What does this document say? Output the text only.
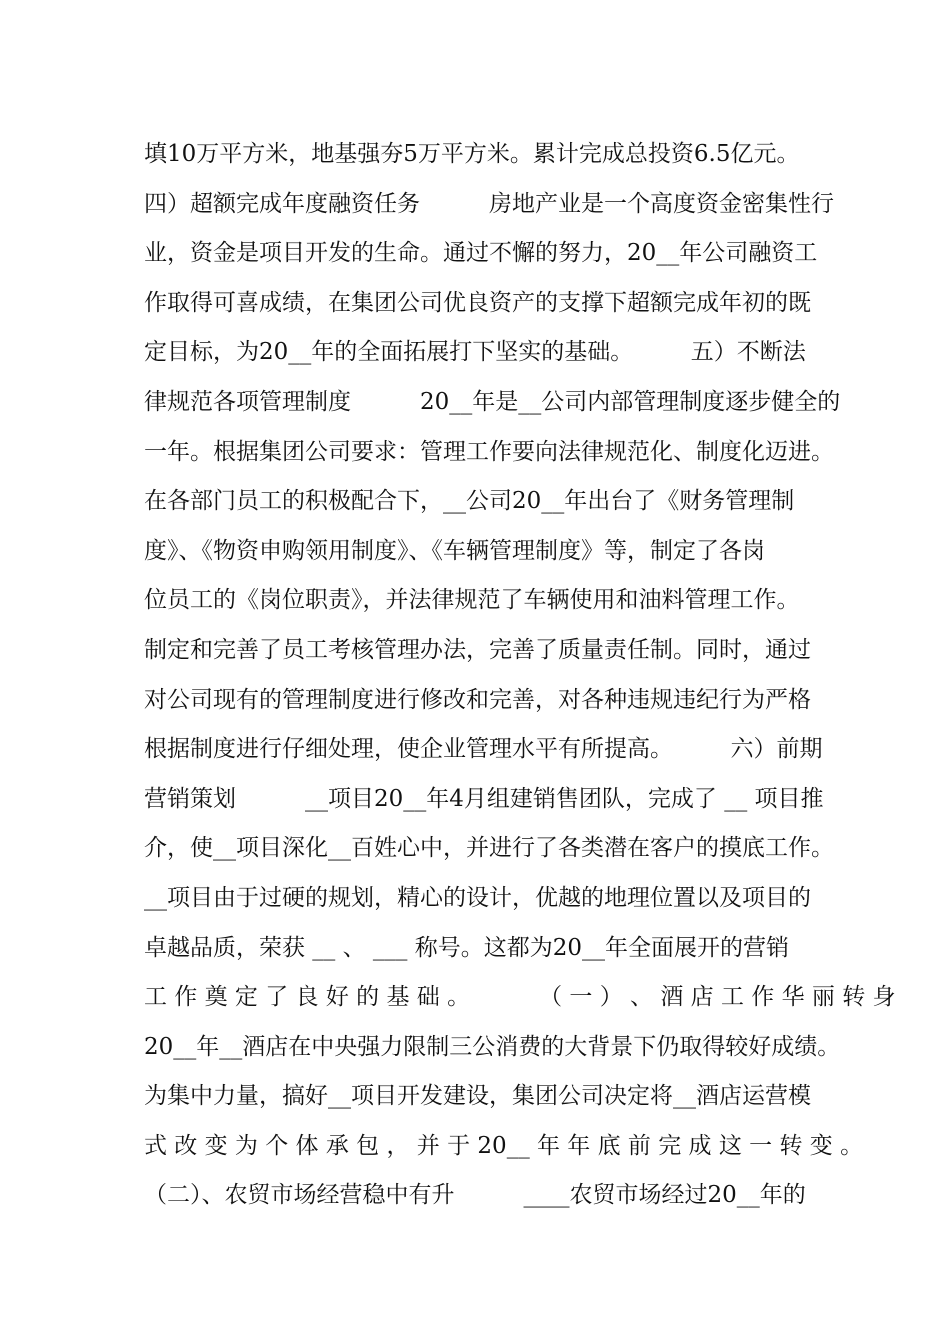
填10万平方米，地基强夯5万平方米。累计完成总投资6.5亿元。
四）超额完成年度融资任务　　　房地产业是一个高度资金密集性行
业，资金是项目开发的生命。通过不懈的努力，20__年公司融资工
作取得可喜成绩，在集团公司优良资产的支撑下超额完成年初的既
定目标，为20__年的全面拓展打下坚实的基础。　　　五）不断法
律规范各项管理制度　　　20__年是__公司内部管理制度逐步健全的
一年。根据集团公司要求：管理工作要向法律规范化、制度化迈进。
在各部门员工的积极配合下，__公司20__年出台了《财务管理制
度》、《物资申购领用制度》、《车辆管理制度》等，制定了各岗
位员工的《岗位职责》，并法律规范了车辆使用和油料管理工作。
制定和完善了员工考核管理办法，完善了质量责任制。同时，通过
对公司现有的管理制度进行修改和完善，对各种违规违纪行为严格
根据制度进行仔细处理，使企业管理水平有所提高。　　　六）前期
营销策划　　　__项目20__年4月组建销售团队，完成了 __ 项目推
介，使__项目深化__百姓心中，并进行了各类潜在客户的摸底工作。
__项目由于过硬的规划，精心的设计，优越的地理位置以及项目的
卓越品质，荣获 __ 、 ___ 称号。这都为20__年全面展开的营销
工 作 奠 定 了 良 好 的 基 础 。　　　　（ 一 ） 、 酒 店 工 作 华 丽 转 身
20__年__酒店在中央强力限制三公消费的大背景下仍取得较好成绩。
为集中力量，搞好__项目开发建设，集团公司决定将__酒店运营模
式 改 变 为 个 体 承 包 ， 并 于 20__ 年 年 底 前 完 成 这 一 转 变 。
（二）、农贸市场经营稳中有升　　　____农贸市场经过20__年的
